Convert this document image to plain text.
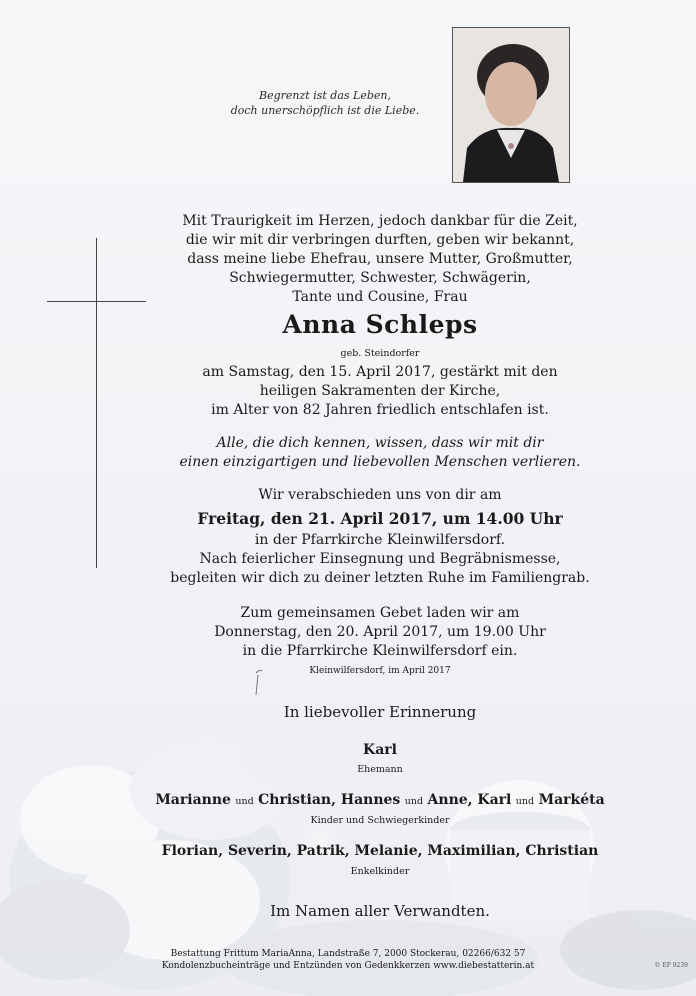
Begrenzt ist das Leben,
doch unerschöpflich ist die Liebe.
Mit Traurigkeit im Herzen, jedoch dankbar für die Zeit,
die wir mit dir verbringen durften, geben wir bekannt,
dass meine liebe Ehefrau, unsere Mutter, Großmutter,
Schwiegermutter, Schwester, Schwägerin,
Tante und Cousine, Frau
Anna Schleps
geb. Steindorfer
am Samstag, den 15. April 2017, gestärkt mit den
heiligen Sakramenten der Kirche,
im Alter von 82 Jahren friedlich entschlafen ist.
Alle, die dich kennen, wissen, dass wir mit dir
einen einzigartigen und liebevollen Menschen verlieren.
Wir verabschieden uns von dir am
Freitag, den 21. April 2017, um 14.00 Uhr
in der Pfarrkirche Kleinwilfersdorf.
Nach feierlicher Einsegnung und Begräbnismesse,
begleiten wir dich zu deiner letzten Ruhe im Familiengrab.
Zum gemeinsamen Gebet laden wir am
Donnerstag, den 20. April 2017, um 19.00 Uhr
in die Pfarrkirche Kleinwilfersdorf ein.
Kleinwilfersdorf, im April 2017
In liebevoller Erinnerung
Karl
Ehemann
Marianne und Christian, Hannes und Anne, Karl und Markéta
Kinder und Schwiegerkinder
Florian, Severin, Patrik, Melanie, Maximilian, Christian
Enkelkinder
Im Namen aller Verwandten.
Bestattung Frittum MariaAnna, Landstraße 7, 2000 Stockerau, 02266/632 57
Kondolenzbucheinträge und Entzünden von Gedenkkerzen www.diebestatterin.at	© EP 9239
